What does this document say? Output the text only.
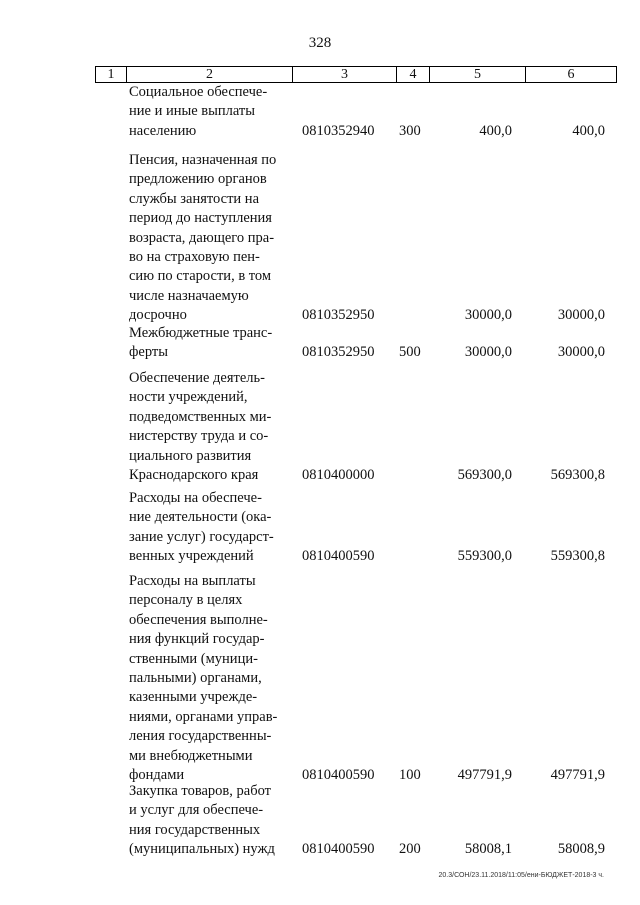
328
1	2	3	4	5	6
Социальное обеспече-
ние и иные выплаты
населению	0810352940 300	400,0	400,0
Пенсия, назначенная по
предложению органов
службы занятости на
период до наступления
возраста, дающего пра-
во на страховую пен-
сию по старости, в том
числе назначаемую
досрочно	0810352950	30000,0	30000,0
Межбюджетные транс-
ферты	0810352950 500	30000,0	30000,0
Обеспечение деятель-
ности учреждений,
подведомственных ми-
нистерству труда и со-
циального развития
Краснодарского края	0810400000	569300,0	569300,8
Расходы на обеспече-
ние деятельности (ока-
зание услуг) государст-
венных учреждений	0810400590	559300,0	559300,8
Расходы на выплаты
персоналу в целях
обеспечения выполне-
ния функций государ-
ственными (муници-
пальными) органами,
казенными учрежде-
ниями, органами управ-
ления государственны-
ми внебюджетными
фондами	0810400590 100	497791,9	497791,9
Закупка товаров, работ
и услуг для обеспече-
ния государственных
(муниципальных) нужд	0810400590 200	58008,1	58008,9
20.3/СОН/23.11.2018/11:05/ени-БЮДЖЕТ-2018-3 ч.
